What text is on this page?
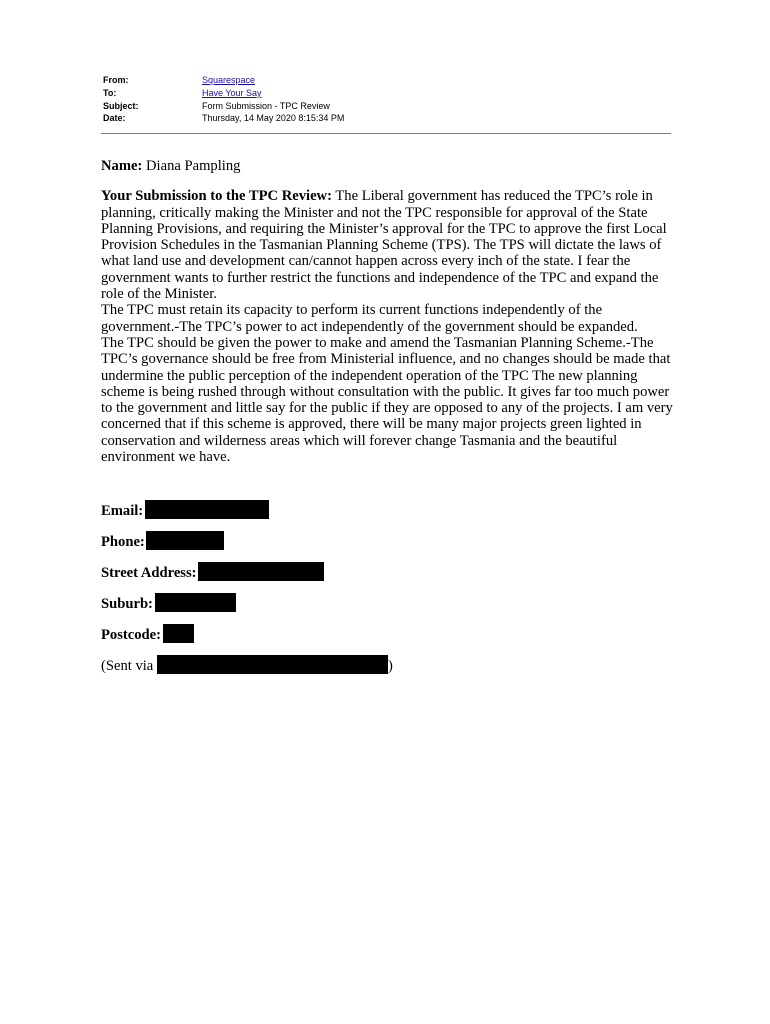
From:	Squarespace
To:	Have Your Say
Subject:	Form Submission - TPC Review
Date:	Thursday, 14 May 2020 8:15:34 PM
Name: Diana Pampling

Your Submission to the TPC Review: The Liberal government has reduced the TPC’s role in planning, critically making the Minister and not the TPC responsible for approval of the State Planning Provisions, and requiring the Minister’s approval for the TPC to approve the first Local Provision Schedules in the Tasmanian Planning Scheme (TPS). The TPS will dictate the laws of what land use and development can/cannot happen across every inch of the state. I fear the government wants to further restrict the functions and independence of the TPC and expand the role of the Minister.

The TPC must retain its capacity to perform its current functions independently of the government.-The TPC’s power to act independently of the government should be expanded.

The TPC should be given the power to make and amend the Tasmanian Planning Scheme.-The TPC’s governance should be free from Ministerial influence, and no changes should be made that undermine the public perception of the independent operation of the TPC The new planning scheme is being rushed through without consultation with the public. It gives far too much power to the government and little say for the public if they are opposed to any of the projects. I am very concerned that if this scheme is approved, there will be many major projects green lighted in conservation and wilderness areas which will forever change Tasmania and the beautiful environment we have.

Email:
Phone:
Street Address:
Suburb:
Postcode:
(Sent via	)
